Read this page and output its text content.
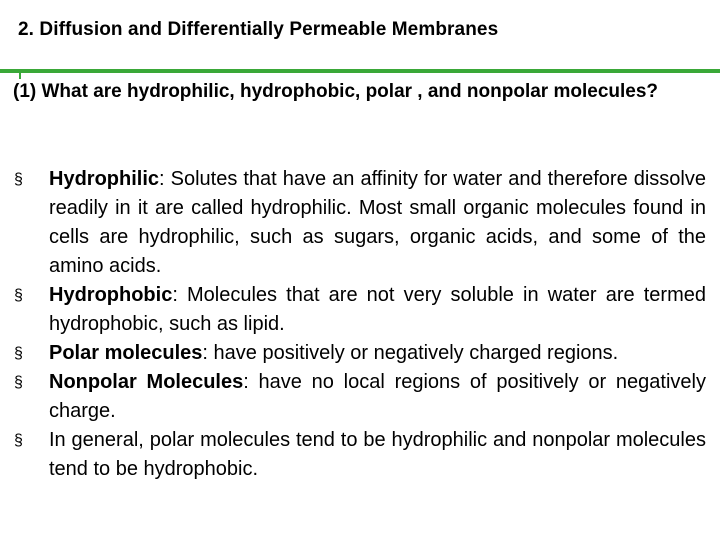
2. Diffusion and Differentially Permeable Membranes
(1) What are hydrophilic, hydrophobic, polar , and nonpolar molecules?
§	Hydrophilic: Solutes that have an affinity for water and therefore dissolve readily in it are called hydrophilic. Most small organic molecules found in cells are hydrophilic, such as sugars, organic acids, and some of the amino acids.
§	Hydrophobic: Molecules that are not very soluble in water are termed hydrophobic, such as lipid.
§	Polar molecules: have positively or negatively charged regions.
§	Nonpolar Molecules: have no local regions of positively or negatively charge.
§	In general, polar molecules tend to be hydrophilic and nonpolar molecules tend to be hydrophobic.
